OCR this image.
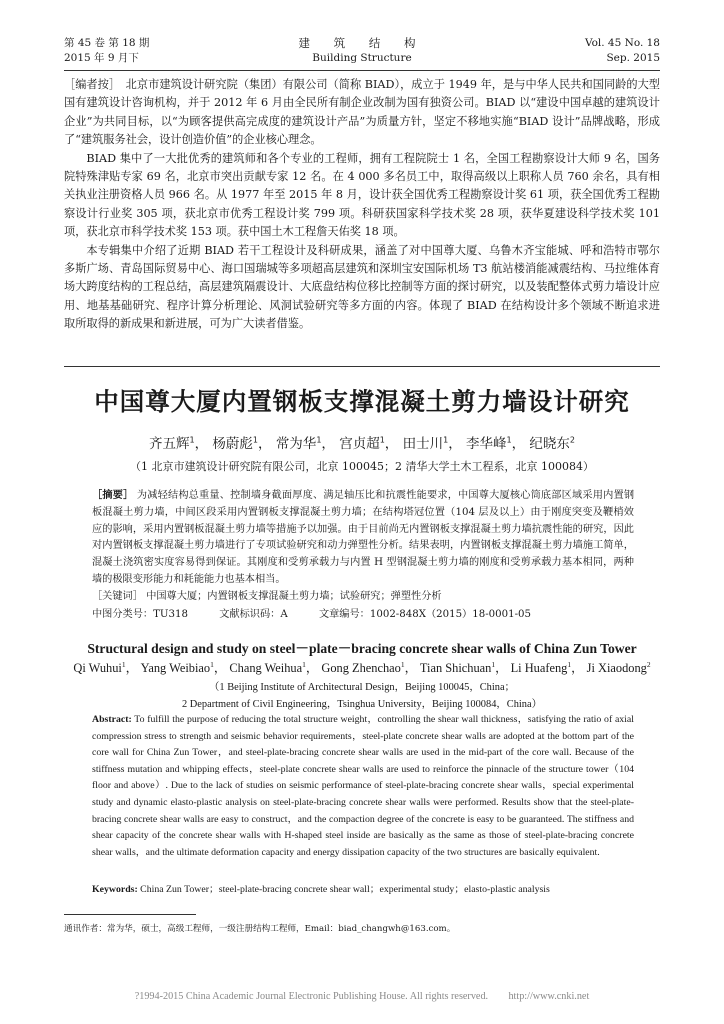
第 45 卷 第 18 期
2015 年 9 月下
建 筑 结 构
Building Structure
Vol. 45 No. 18
Sep. 2015

［编者按］　北京市建筑设计研究院（集团）有限公司（简称 BIAD），成立于 1949 年，是与中华人民共和国同龄的大型国有建筑设计咨询机构，并于 2012 年 6 月由全民所有制企业改制为国有独资公司。BIAD 以“建设中国卓越的建筑设计企业”为共同目标，以“为顾客提供高完成度的建筑设计产品”为质量方针，坚定不移地实施“BIAD 设计”品牌战略，形成了“建筑服务社会，设计创造价值”的企业核心理念。

BIAD 集中了一大批优秀的建筑师和各个专业的工程师，拥有工程院院士 1 名，全国工程勘察设计大师 9 名，国务院特殊津贴专家 69 名，北京市突出贡献专家 12 名。在 4 000 多名员工中，取得高级以上职称人员 760 余名，具有相关执业注册资格人员 966 名。从 1977 年至 2015 年 8 月，设计获全国优秀工程勘察设计奖 61 项，获全国优秀工程勘察设计行业奖 305 项，获北京市优秀工程设计奖 799 项。科研获国家科学技术奖 28 项，获华夏建设科学技术奖 101 项，获北京市科学技术奖 153 项。获中国土木工程詹天佑奖 18 项。

本专辑集中介绍了近期 BIAD 若干工程设计及科研成果，涵盖了对中国尊大厦、乌鲁木齐宝能城、呼和浩特市鄂尔多斯广场、青岛国际贸易中心、海口国瑞城等多项超高层建筑和深圳宝安国际机场 T3 航站楼消能减震结构、马拉维体育场大跨度结构的工程总结，高层建筑隔震设计、大底盘结构位移比控制等方面的探讨研究，以及装配整体式剪力墙设计应用、地基基础研究、程序计算分析理论、风洞试验研究等多方面的内容。体现了 BIAD 在结构设计多个领域不断追求进取所取得的新成果和新进展，可为广大读者借鉴。

中国尊大厦内置钢板支撑混凝土剪力墙设计研究
齐五辉$^1$， 杨蔚彪$^1$， 常为华$^1$， 宫贞超$^1$， 田士川$^1$， 李华峰$^1$， 纪晓东$^2$
（1 北京市建筑设计研究院有限公司，北京 100045；2 清华大学土木工程系，北京 100084）
［摘要］ 为减轻结构总重量、控制墙身截面厚度、满足轴压比和抗震性能要求，中国尊大厦核心筒底部区域采用内置钢板混凝土剪力墙，中间区段采用内置钢板支撑混凝土剪力墙；在结构塔冠位置（104 层及以上）由于刚度突变及鞭梢效应的影响，采用内置钢板混凝土剪力墙等措施予以加强。由于目前尚无内置钢板支撑混凝土剪力墙抗震性能的研究，因此对内置钢板支撑混凝土剪力墙进行了专项试验研究和动力弹塑性分析。结果表明，内置钢板支撑混凝土剪力墙施工简单，混凝土浇筑密实度容易得到保证。其刚度和受剪承载力与内置 H 型钢混凝土剪力墙的刚度和受剪承载力基本相同，两种墙的极限变形能力和耗能能力也基本相当。
［关键词］ 中国尊大厦；内置钢板支撑混凝土剪力墙；试验研究；弹塑性分析
中图分类号：TU318	文献标识码：A	文章编号：1002-848X（2015）18-0001-05
Structural design and study on steel－plate－bracing concrete shear walls of China Zun Tower
Qi Wuhui$^1$， Yang Weibiao$^1$， Chang Weihua$^1$， Gong Zhenchao$^1$， Tian Shichuan$^1$， Li Huafeng$^1$， Ji Xiaodong$^2$
（1 Beijing Institute of Architectural Design，Beijing 100045，China；
2 Department of Civil Engineering，Tsinghua University，Beijing 100084，China）
Abstract: To fulfill the purpose of reducing the total structure weight，controlling the shear wall thickness，satisfying the ratio of axial compression stress to strength and seismic behavior requirements，steel-plate concrete shear walls are adopted at the bottom part of the core wall for China Zun Tower，and steel-plate-bracing concrete shear walls are used in the mid-part of the core wall. Because of the stiffness mutation and whipping effects，steel-plate concrete shear walls are used to reinforce the pinnacle of the structure tower（104 floor and above）. Due to the lack of studies on seismic performance of steel-plate-bracing concrete shear walls，special experimental study and dynamic elasto-plastic analysis on steel-plate-bracing concrete shear walls were performed. Results show that the steel-plate-bracing concrete shear walls are easy to construct，and the compaction degree of the concrete is easy to be guaranteed. The stiffness and shear capacity of the concrete shear walls with H-shaped steel inside are basically as the same as those of steel-plate-bracing concrete shear walls，and the ultimate deformation capacity and energy dissipation capacity of the two structures are basically equivalent.
Keywords: China Zun Tower；steel-plate-bracing concrete shear wall；experimental study；elasto-plastic analysis
通讯作者：常为华，硕士，高级工程师，一级注册结构工程师，Email：biad_changwh@163.com。
?1994-2015 China Academic Journal Electronic Publishing House. All rights reserved.　　http://www.cnki.net
